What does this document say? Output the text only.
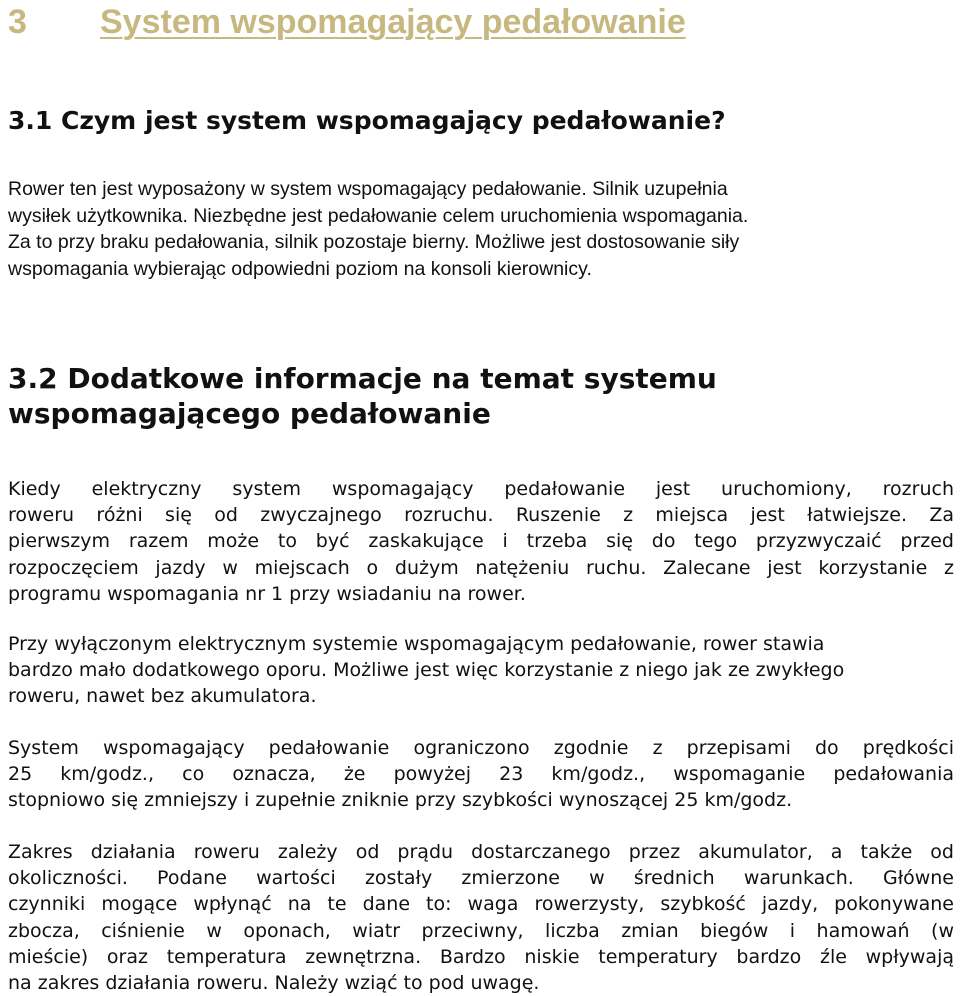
3 System wspomagający pedałowanie
3.1 Czym jest system wspomagający pedałowanie?

Rower ten jest wyposażony w system wspomagający pedałowanie. Silnik uzupełnia
wysiłek użytkownika. Niezbędne jest pedałowanie celem uruchomienia wspomagania.
Za to przy braku pedałowania, silnik pozostaje bierny. Możliwe jest dostosowanie siły
wspomagania wybierając odpowiedni poziom na konsoli kierownicy.

3.2 Dodatkowe informacje na temat systemu
wspomagającego pedałowanie

Kiedy elektryczny system wspomagający pedałowanie jest uruchomiony, rozruch
roweru różni się od zwyczajnego rozruchu. Ruszenie z miejsca jest łatwiejsze. Za
pierwszym razem może to być zaskakujące i trzeba się do tego przyzwyczaić przed
rozpoczęciem jazdy w miejscach o dużym natężeniu ruchu. Zalecane jest korzystanie z
programu wspomagania nr 1 przy wsiadaniu na rower.

Przy wyłączonym elektrycznym systemie wspomagającym pedałowanie, rower stawia
bardzo mało dodatkowego oporu. Możliwe jest więc korzystanie z niego jak ze zwykłego
roweru, nawet bez akumulatora.

System wspomagający pedałowanie ograniczono zgodnie z przepisami do prędkości
25 km/godz., co oznacza, że powyżej 23 km/godz., wspomaganie pedałowania
stopniowo się zmniejszy i zupełnie zniknie przy szybkości wynoszącej 25 km/godz.

Zakres działania roweru zależy od prądu dostarczanego przez akumulator, a także od
okoliczności. Podane wartości zostały zmierzone w średnich warunkach. Główne
czynniki mogące wpłynąć na te dane to: waga rowerzysty, szybkość jazdy, pokonywane
zbocza, ciśnienie w oponach, wiatr przeciwny, liczba zmian biegów i hamowań (w
mieście) oraz temperatura zewnętrzna. Bardzo niskie temperatury bardzo źle wpływają
na zakres działania roweru. Należy wziąć to pod uwagę.
